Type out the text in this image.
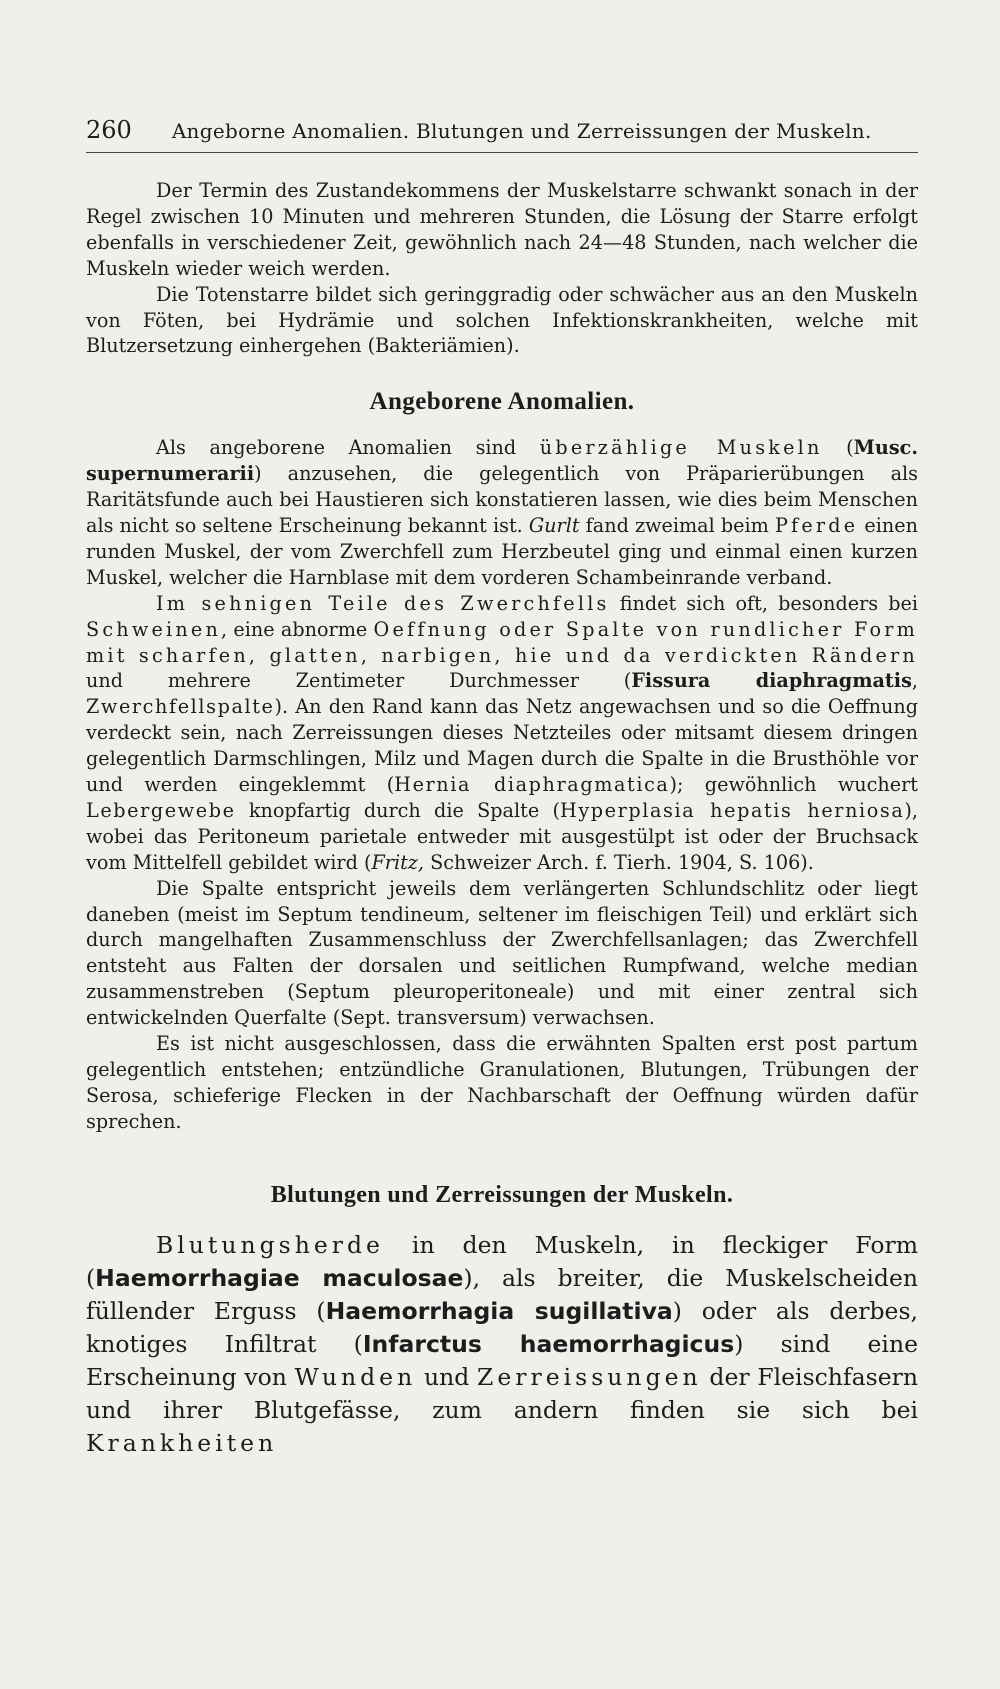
260 Angeborne Anomalien. Blutungen und Zerreissungen der Muskeln.

Der Termin des Zustandekommens der Muskelstarre schwankt sonach in der Regel zwischen 10 Minuten und mehreren Stunden, die Lösung der Starre erfolgt ebenfalls in verschiedener Zeit, gewöhnlich nach 24—48 Stunden, nach welcher die Muskeln wieder weich werden.

Die Totenstarre bildet sich geringgradig oder schwächer aus an den Muskeln von Föten, bei Hydrämie und solchen Infektionskrankheiten, welche mit Blutzersetzung einhergehen (Bakteriämien).

Angeborene Anomalien.

Als angeborene Anomalien sind überzählige Muskeln (Musc. supernumerarii) anzusehen, die gelegentlich von Präparierübungen als Raritätsfunde auch bei Haustieren sich konstatieren lassen, wie dies beim Menschen als nicht so seltene Erscheinung bekannt ist. Gurlt fand zweimal beim Pferde einen runden Muskel, der vom Zwerchfell zum Herzbeutel ging und einmal einen kurzen Muskel, welcher die Harnblase mit dem vorderen Schambeinrande verband.

Im sehnigen Teile des Zwerchfells findet sich oft, besonders bei Schweinen, eine abnorme Oeffnung oder Spalte von rundlicher Form mit scharfen, glatten, narbigen, hie und da verdickten Rändern und mehrere Zentimeter Durchmesser (Fissura diaphragmatis, Zwerchfellspalte). An den Rand kann das Netz angewachsen und so die Oeffnung verdeckt sein, nach Zerreissungen dieses Netzteiles oder mitsamt diesem dringen gelegentlich Darmschlingen, Milz und Magen durch die Spalte in die Brusthöhle vor und werden eingeklemmt (Hernia diaphragmatica); gewöhnlich wuchert Lebergewebe knopfartig durch die Spalte (Hyperplasia hepatis herniosa), wobei das Peritoneum parietale entweder mit ausgestülpt ist oder der Bruchsack vom Mittelfell gebildet wird (Fritz, Schweizer Arch. f. Tierh. 1904, S. 106).

Die Spalte entspricht jeweils dem verlängerten Schlundschlitz oder liegt daneben (meist im Septum tendineum, seltener im fleischigen Teil) und erklärt sich durch mangelhaften Zusammenschluss der Zwerchfellsanlagen; das Zwerchfell entsteht aus Falten der dorsalen und seitlichen Rumpfwand, welche median zusammenstreben (Septum pleuroperitoneale) und mit einer zentral sich entwickelnden Querfalte (Sept. transversum) verwachsen.

Es ist nicht ausgeschlossen, dass die erwähnten Spalten erst post partum gelegentlich entstehen; entzündliche Granulationen, Blutungen, Trübungen der Serosa, schieferige Flecken in der Nachbarschaft der Oeffnung würden dafür sprechen.

Blutungen und Zerreissungen der Muskeln.

Blutungsherde in den Muskeln, in fleckiger Form (Haemorrhagiae maculosae), als breiter, die Muskelscheiden füllender Erguss (Haemorrhagia sugillativa) oder als derbes, knotiges Infiltrat (Infarctus haemorrhagicus) sind eine Erscheinung von Wunden und Zerreissungen der Fleischfasern und ihrer Blutgefässe, zum andern finden sie sich bei Krankheiten
